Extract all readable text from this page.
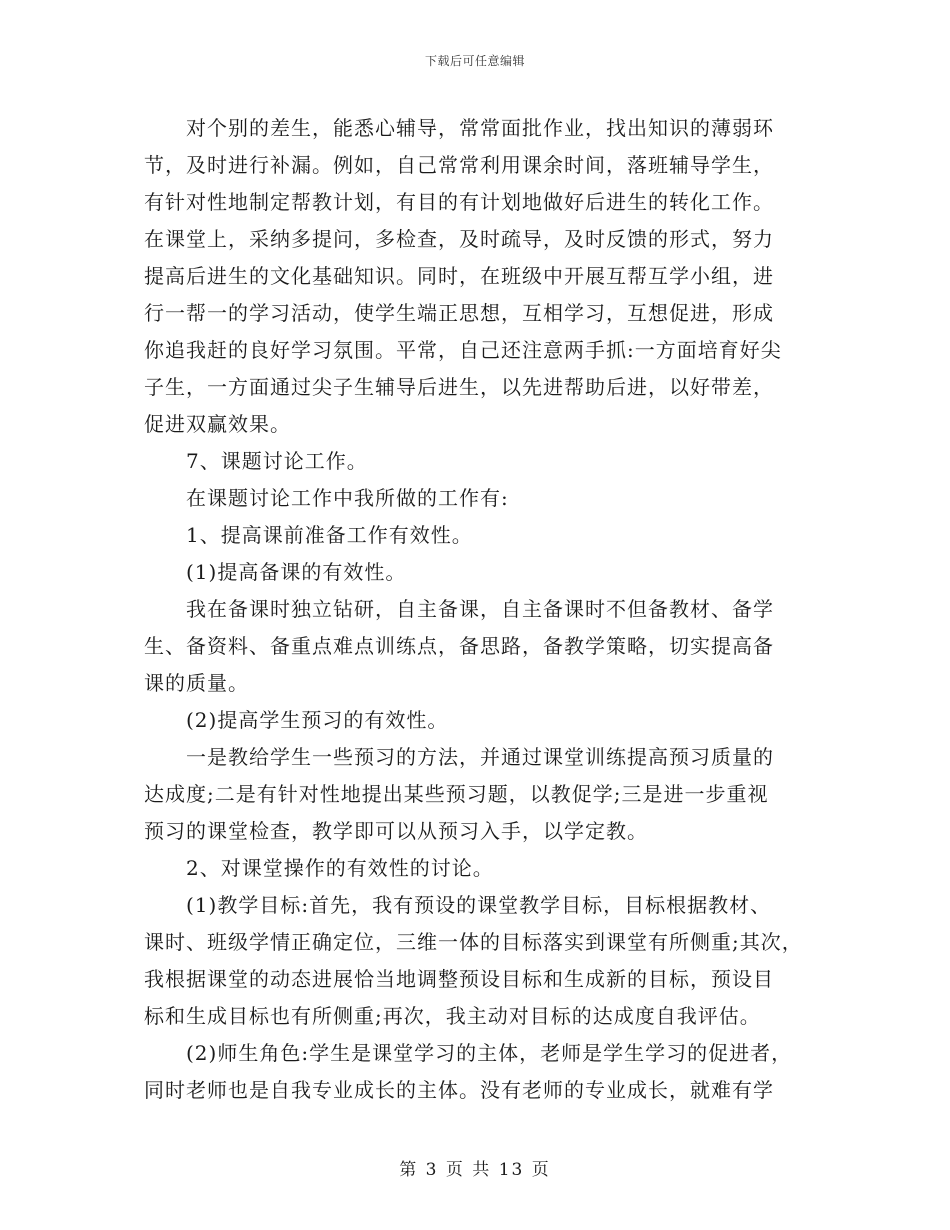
下载后可任意编辑
对个别的差生，能悉心辅导，常常面批作业，找出知识的薄弱环
节，及时进行补漏。例如，自己常常利用课余时间，落班辅导学生，
有针对性地制定帮教计划，有目的有计划地做好后进生的转化工作。
在课堂上，采纳多提问，多检查，及时疏导，及时反馈的形式，努力
提高后进生的文化基础知识。同时，在班级中开展互帮互学小组，进
行一帮一的学习活动，使学生端正思想，互相学习，互想促进，形成
你追我赶的良好学习氛围。平常，自己还注意两手抓:一方面培育好尖
子生，一方面通过尖子生辅导后进生，以先进帮助后进，以好带差，
促进双赢效果。
7、课题讨论工作。
在课题讨论工作中我所做的工作有:
1、提高课前准备工作有效性。
(1)提高备课的有效性。
我在备课时独立钻研，自主备课，自主备课时不但备教材、备学
生、备资料、备重点难点训练点，备思路，备教学策略，切实提高备
课的质量。
(2)提高学生预习的有效性。
一是教给学生一些预习的方法，并通过课堂训练提高预习质量的
达成度;二是有针对性地提出某些预习题，以教促学;三是进一步重视
预习的课堂检查，教学即可以从预习入手，以学定教。
2、对课堂操作的有效性的讨论。
(1)教学目标:首先，我有预设的课堂教学目标，目标根据教材、
课时、班级学情正确定位，三维一体的目标落实到课堂有所侧重;其次，
我根据课堂的动态进展恰当地调整预设目标和生成新的目标，预设目
标和生成目标也有所侧重;再次，我主动对目标的达成度自我评估。
(2)师生角色:学生是课堂学习的主体，老师是学生学习的促进者，
同时老师也是自我专业成长的主体。没有老师的专业成长，就难有学
第 3 页 共 13 页
